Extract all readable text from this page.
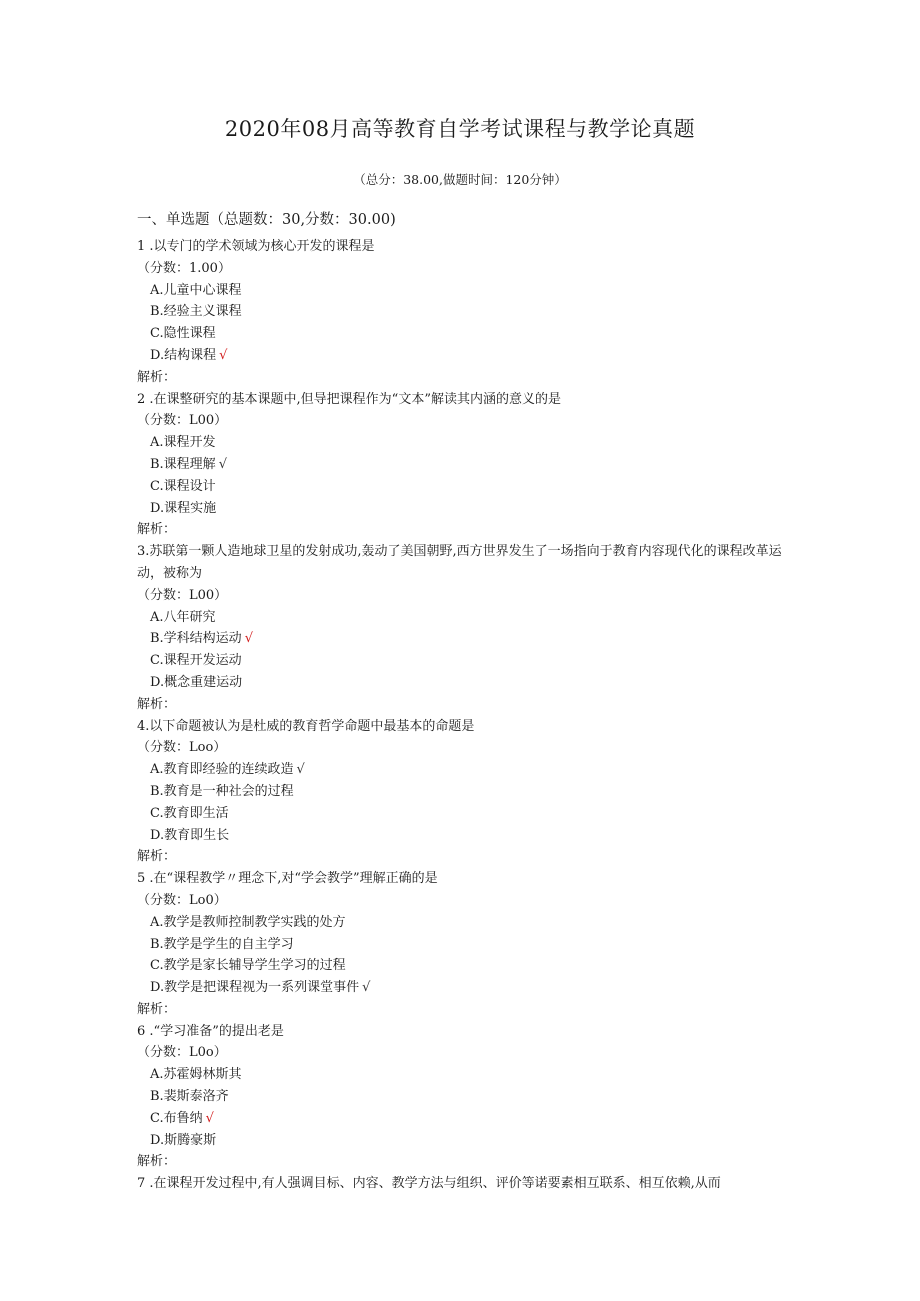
2020年08月高等教育自学考试课程与教学论真题
（总分：38.00,做题时间：120分钟）
一、单选题（总题数：30,分数：30.00)
1 .以专门的学术领域为核心开发的课程是
（分数：1.00）
A.儿童中心课程
B.经验主义课程
C.隐性课程
D.结构课程 √
解析：
2 .在课整研究的基本课题中,但导把课程作为“文本”解读其内涵的意义的是
（分数：L00）
A.课程开发
B.课程理解 √
C.课程设计
D.课程实施
解析：
3.苏联第一颗人造地球卫星的发射成功,轰动了美国朝野,西方世界发生了一场指向于教育内容现代化的课程改革运动，被称为
（分数：L00）
A.八年研究
B.学科结构运动 √
C.课程开发运动
D.概念重建运动
解析：
4.以下命题被认为是杜威的教育哲学命题中最基本的命题是
（分数：Loo）
A.教育即经验的连续政造 √
B.教育是一种社会的过程
C.教育即生活
D.教育即生长
解析：
5 .在“课程教学〃理念下,对“学会教学”理解正确的是
（分数：Lo0）
A.教学是教师控制教学实践的处方
B.教学是学生的自主学习
C.教学是家长辅导学生学习的过程
D.教学是把课程视为一系列课堂事件 √
解析：
6 .“学习准备”的提出老是
（分数：L0o）
A.苏霍姆林斯其
B.裴斯泰洛齐
C.布鲁纳 √
D.斯腾豪斯
解析：
7 .在课程开发过程中,有人强调目标、内容、教学方法与组织、评价等诺要素相互联系、相互依赖,从而
